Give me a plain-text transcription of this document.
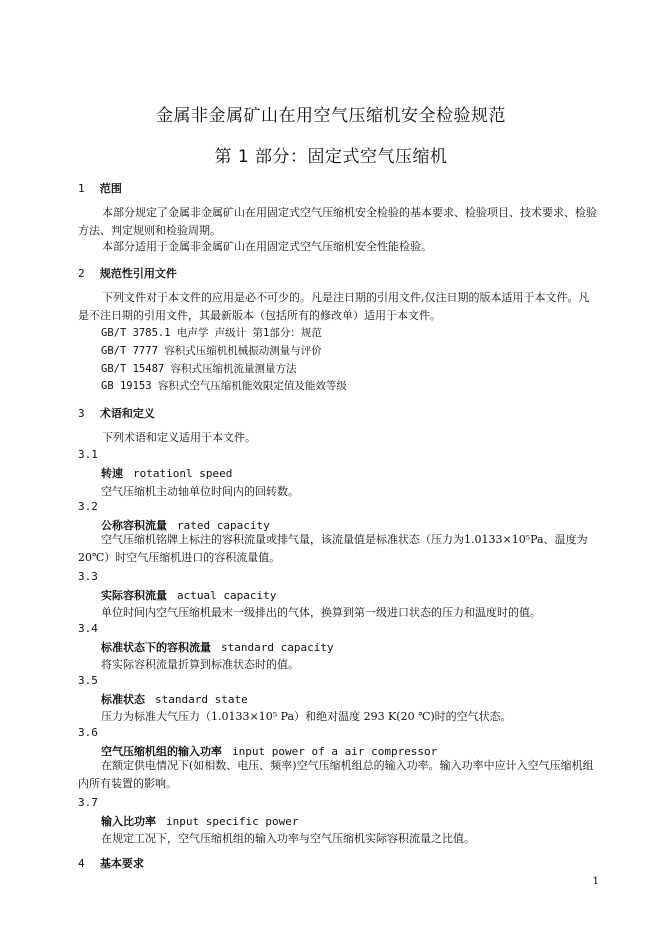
金属非金属矿山在用空气压缩机安全检验规范
第 1 部分：固定式空气压缩机
1 范围
本部分规定了金属非金属矿山在用固定式空气压缩机安全检验的基本要求、检验项目、技术要求、检验方法、判定规则和检验周期。
本部分适用于金属非金属矿山在用固定式空气压缩机安全性能检验。
2 规范性引用文件
下列文件对于本文件的应用是必不可少的。凡是注日期的引用文件,仅注日期的版本适用于本文件。凡是不注日期的引用文件，其最新版本（包括所有的修改单）适用于本文件。
GB/T 3785.1 电声学 声级计 第1部分：规范
GB/T 7777 容积式压缩机机械振动测量与评价
GB/T 15487 容积式压缩机流量测量方法
GB 19153 容积式空气压缩机能效限定值及能效等级
3 术语和定义
下列术语和定义适用于本文件。
3.1
转速 rotationl speed
空气压缩机主动轴单位时间内的回转数。
3.2
公称容积流量 rated capacity
空气压缩机铭牌上标注的容积流量或排气量，该流量值是标准状态（压力为1.0133×10⁵Pa、温度为20℃）时空气压缩机进口的容积流量值。
3.3
实际容积流量 actual capacity
单位时间内空气压缩机最末一级排出的气体，换算到第一级进口状态的压力和温度时的值。
3.4
标准状态下的容积流量 standard capacity
将实际容积流量折算到标准状态时的值。
3.5
标准状态 standard state
压力为标准大气压力（1.0133×10⁵ Pa）和绝对温度 293 K(20 ℃)时的空气状态。
3.6
空气压缩机组的输入功率 input power of a air compressor
在额定供电情况下(如相数、电压、频率)空气压缩机组总的输入功率。输入功率中应计入空气压缩机组内所有装置的影响。
3.7
输入比功率 input specific power
在规定工况下，空气压缩机组的输入功率与空气压缩机实际容积流量之比值。
4 基本要求
1
